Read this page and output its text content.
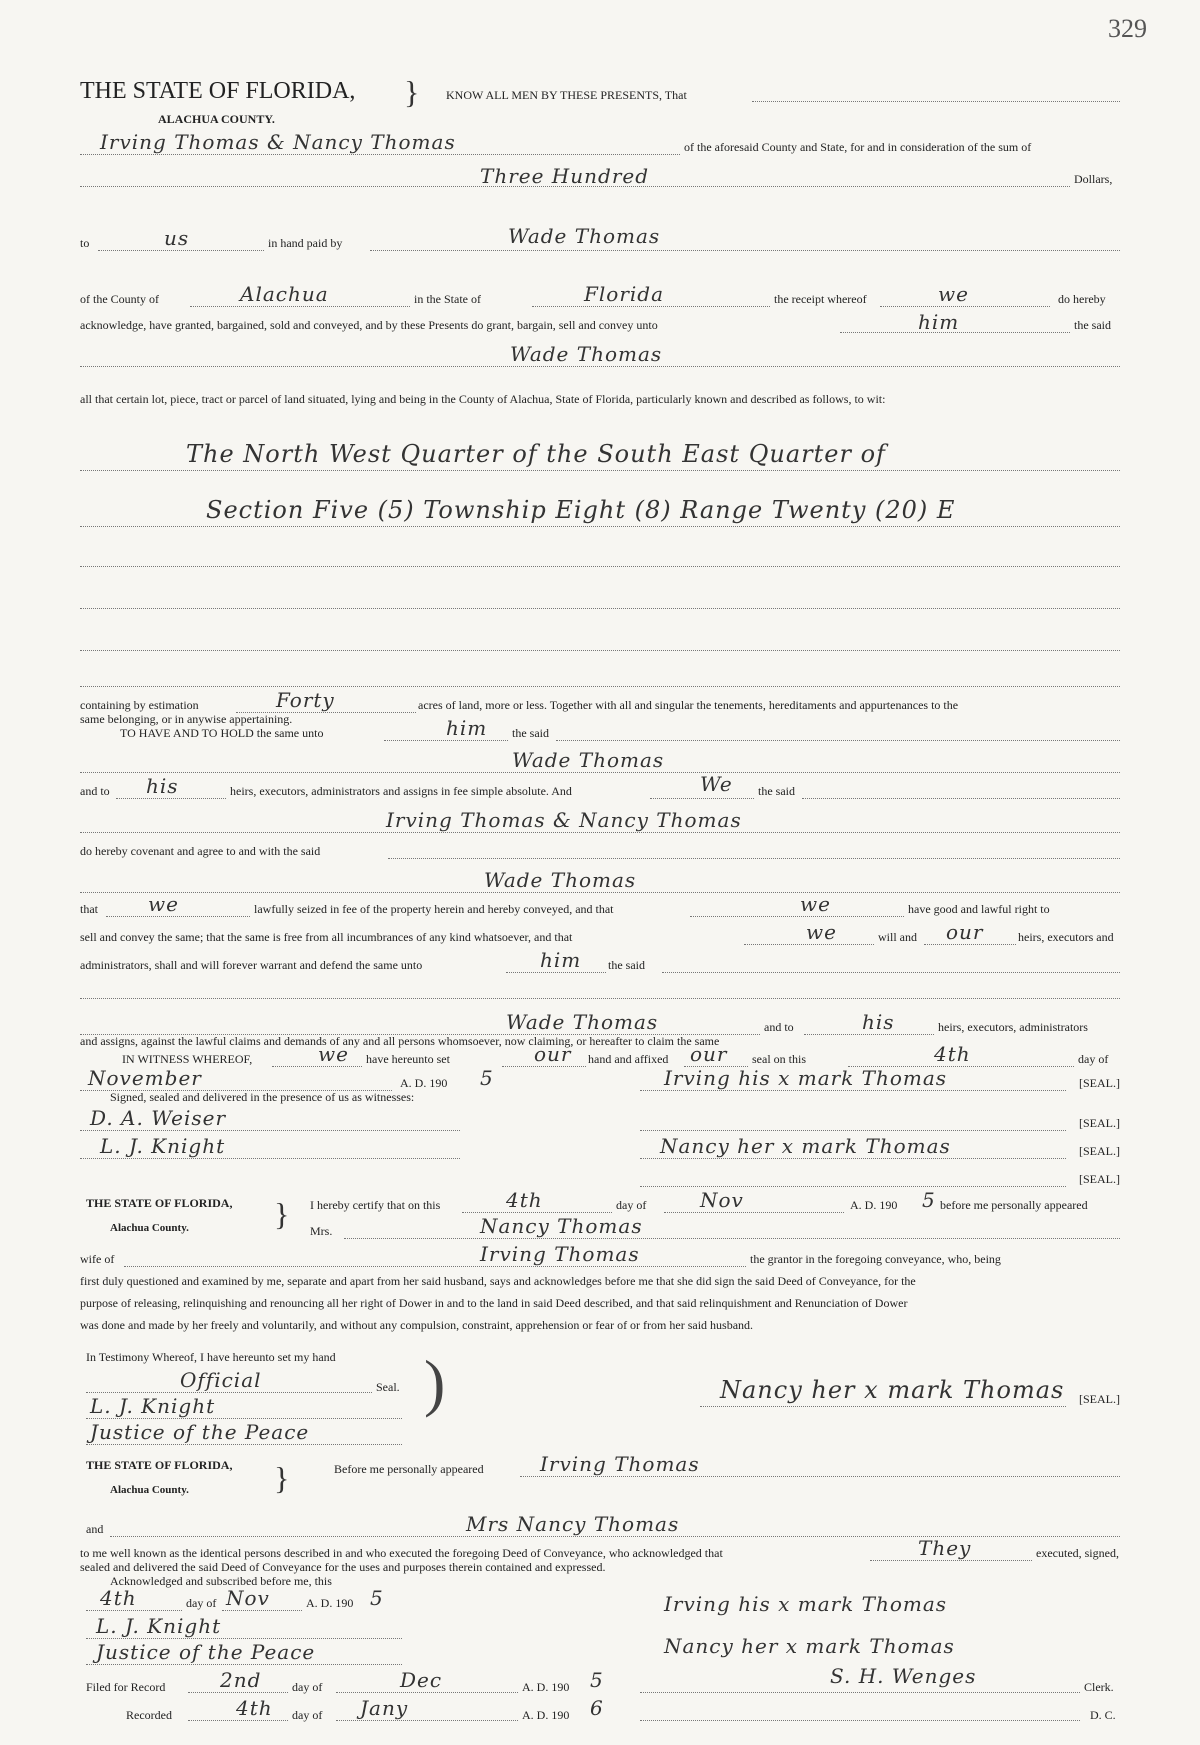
329
THE STATE OF FLORIDA, }
ALACHUA COUNTY.
KNOW ALL MEN BY THESE PRESENTS, That
Irving Thomas & Nancy Thomas	of the aforesaid County and State, for and in consideration of the sum of
Three Hundred	Dollars,
to	us	in hand paid by	Wade Thomas
of the County of	Alachua	in the State of	Florida	the receipt whereof	we	do hereby
acknowledge, have granted, bargained, sold and conveyed, and by these Presents do grant, bargain, sell and convey unto	him	the said
Wade Thomas
all that certain lot, piece, tract or parcel of land situated, lying and being in the County of Alachua, State of Florida, particularly known and described as follows, to wit:
The North West Quarter of the South East Quarter of
Section Five (5) Township Eight (8) Range Twenty (20) E
containing by estimation	Forty	acres of land, more or less. Together with all and singular the tenements, hereditaments and appurtenances to the
same belonging, or in anywise appertaining.
TO HAVE AND TO HOLD the same unto	him the said
Wade Thomas
and to his	heirs, executors, administrators and assigns in fee simple absolute. And	We the said
Irving Thomas & Nancy Thomas
do hereby covenant and agree to and with the said
Wade Thomas
that	we	lawfully seized in fee of the property herein and hereby conveyed, and that	we	have good and lawful right to
sell and convey the same; that the same is free from all incumbrances of any kind whatsoever, and that	we	will and our	heirs, executors and
administrators, shall and will forever warrant and defend the same unto	him the said
Wade Thomas	and to	his	heirs, executors, administrators
and assigns, against the lawful claims and demands of any and all persons whomsoever, now claiming, or hereafter to claim the same
IN WITNESS WHEREOF,	we have hereunto set	our hand and affixed our seal on this	4th	day of
November	A. D. 190 5	Irving his x mark Thomas	[SEAL.]
Signed, sealed and delivered in the presence of us as witnesses:
D. A. Weiser	[SEAL.]
L. J. Knight	Nancy her x mark Thomas	[SEAL.]
[SEAL.]
THE STATE OF FLORIDA,
Alachua County.	} I hereby certify that on this	4th	day of	Nov	A. D. 190 5 before me personally appeared
Mrs.	Nancy Thomas
wife of	Irving Thomas	the grantor in the foregoing conveyance, who, being
first duly questioned and examined by me, separate and apart from her said husband, says and acknowledges before me that she did sign the said Deed of Conveyance, for the
purpose of releasing, relinquishing and renouncing all her right of Dower in and to the land in said Deed described, and that said relinquishment and Renunciation of Dower
was done and made by her freely and voluntarily, and without any compulsion, constraint, apprehension or fear of or from her said husband.
In Testimony Whereof, I have hereunto set my hand
Official	Seal.
L. J. Knight
Justice of the Peace
)	Nancy her x mark Thomas [SEAL.]
THE STATE OF FLORIDA,
Alachua County.	}	Before me personally appeared	Irving Thomas
and	Mrs Nancy Thomas
to me well known as the identical persons described in and who executed the foregoing Deed of Conveyance, who acknowledged that	They	executed, signed,
sealed and delivered the said Deed of Conveyance for the uses and purposes therein contained and expressed.
Acknowledged and subscribed before me, this
4th	day of Nov	A. D. 190 5
L. J. Knight
Justice of the Peace
Irving his x mark Thomas
Nancy her x mark Thomas
Filed for Record	2nd	day of	Dec	A. D. 190 5	S. H. Wenges	Clerk.
Recorded	4th day of Jany	A. D. 190 6	D. C.
